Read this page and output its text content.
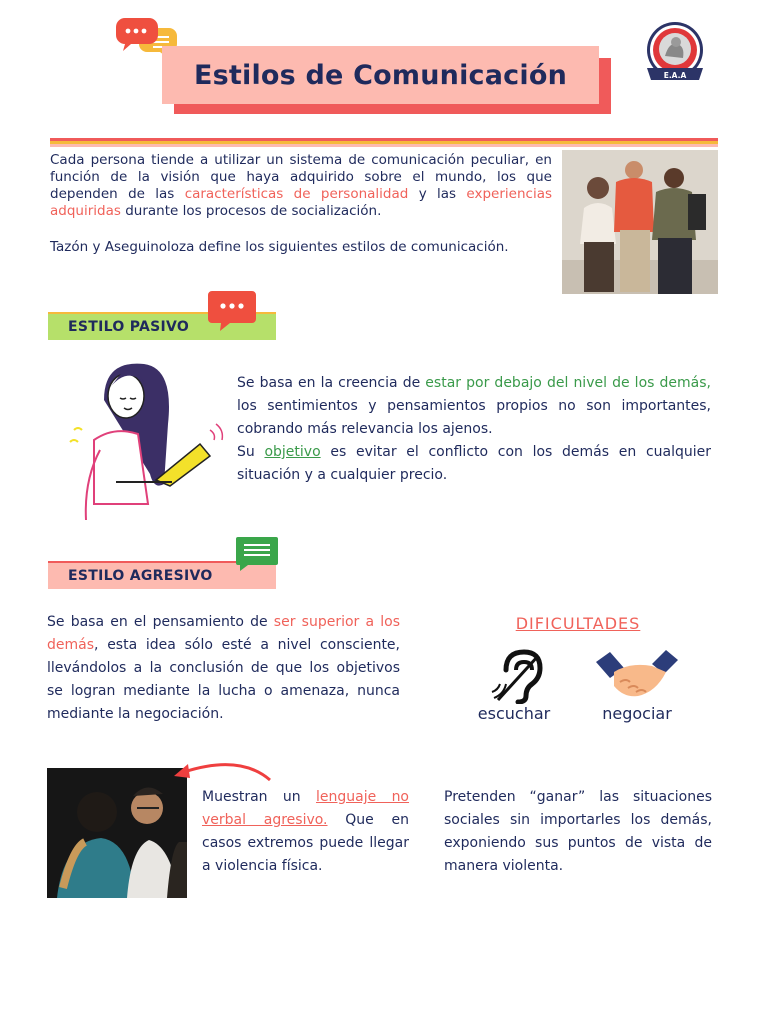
Estilos de Comunicación	E.A.A

Cada persona tiende a utilizar un sistema de comunicación peculiar, en función de la visión que haya adquirido sobre el mundo, los que dependen de las características de personalidad y las experiencias adquiridas durante los procesos de socialización.

Tazón y Aseguinoloza define los siguientes estilos de comunicación.

ESTILO PASIVO
Se basa en la creencia de estar por debajo del nivel de los demás, los sentimientos y pensamientos propios no son importantes, cobrando más relevancia los ajenos.
Su objetivo es evitar el conflicto con los demás en cualquier situación y a cualquier precio.
ESTILO AGRESIVO
Se basa en el pensamiento de ser superior a los demás, esta idea sólo esté a nivel consciente, llevándolos a la conclusión de que los objetivos se logran mediante la lucha o amenaza, nunca mediante la negociación.
DIFICULTADES
escuchar	negociar
Muestran un lenguaje no verbal agresivo. Que en casos extremos puede llegar a violencia física.
Pretenden “ganar” las situaciones sociales sin importarles los demás, exponiendo sus puntos de vista de manera violenta.
